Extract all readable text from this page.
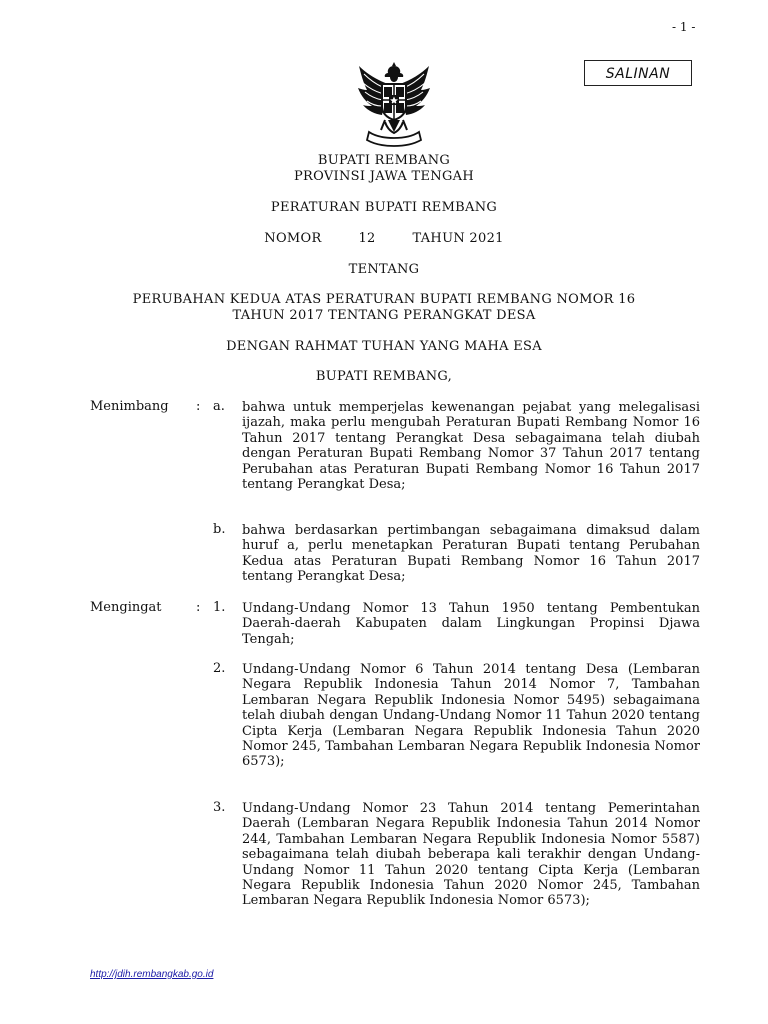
- 1 -
SALINAN
BUPATI REMBANG
PROVINSI JAWA TENGAH
PERATURAN BUPATI REMBANG
NOMOR	12	TAHUN 2021
TENTANG
PERUBAHAN KEDUA ATAS PERATURAN BUPATI REMBANG NOMOR 16
TAHUN 2017 TENTANG PERANGKAT DESA
DENGAN RAHMAT TUHAN YANG MAHA ESA
BUPATI REMBANG,
Menimbang : a. bahwa untuk memperjelas kewenangan pejabat yang melegalisasi ijazah, maka perlu mengubah Peraturan Bupati Rembang Nomor 16 Tahun 2017 tentang Perangkat Desa sebagaimana telah diubah dengan Peraturan Bupati Rembang Nomor 37 Tahun 2017 tentang Perubahan atas Peraturan Bupati Rembang Nomor 16 Tahun 2017 tentang Perangkat Desa;

b. bahwa berdasarkan pertimbangan sebagaimana dimaksud dalam huruf a, perlu menetapkan Peraturan Bupati tentang Perubahan Kedua atas Peraturan Bupati Rembang Nomor 16 Tahun 2017 tentang Perangkat Desa;

Mengingat	: 1. Undang-Undang Nomor 13 Tahun 1950 tentang Pembentukan Daerah-daerah Kabupaten dalam Lingkungan Propinsi Djawa Tengah;

2. Undang-Undang Nomor 6 Tahun 2014 tentang Desa (Lembaran Negara Republik Indonesia Tahun 2014 Nomor 7, Tambahan Lembaran Negara Republik Indonesia Nomor 5495) sebagaimana telah diubah dengan Undang-Undang Nomor 11 Tahun 2020 tentang Cipta Kerja (Lembaran Negara Republik Indonesia Tahun 2020 Nomor 245, Tambahan Lembaran Negara Republik Indonesia Nomor 6573);

3. Undang-Undang Nomor 23 Tahun 2014 tentang Pemerintahan Daerah (Lembaran Negara Republik Indonesia Tahun 2014 Nomor 244, Tambahan Lembaran Negara Republik Indonesia Nomor 5587) sebagaimana telah diubah beberapa kali terakhir dengan Undang-Undang Nomor 11 Tahun 2020 tentang Cipta Kerja (Lembaran Negara Republik Indonesia Tahun 2020 Nomor 245, Tambahan Lembaran Negara Republik Indonesia Nomor 6573);

http://jdih.rembangkab.go.id
